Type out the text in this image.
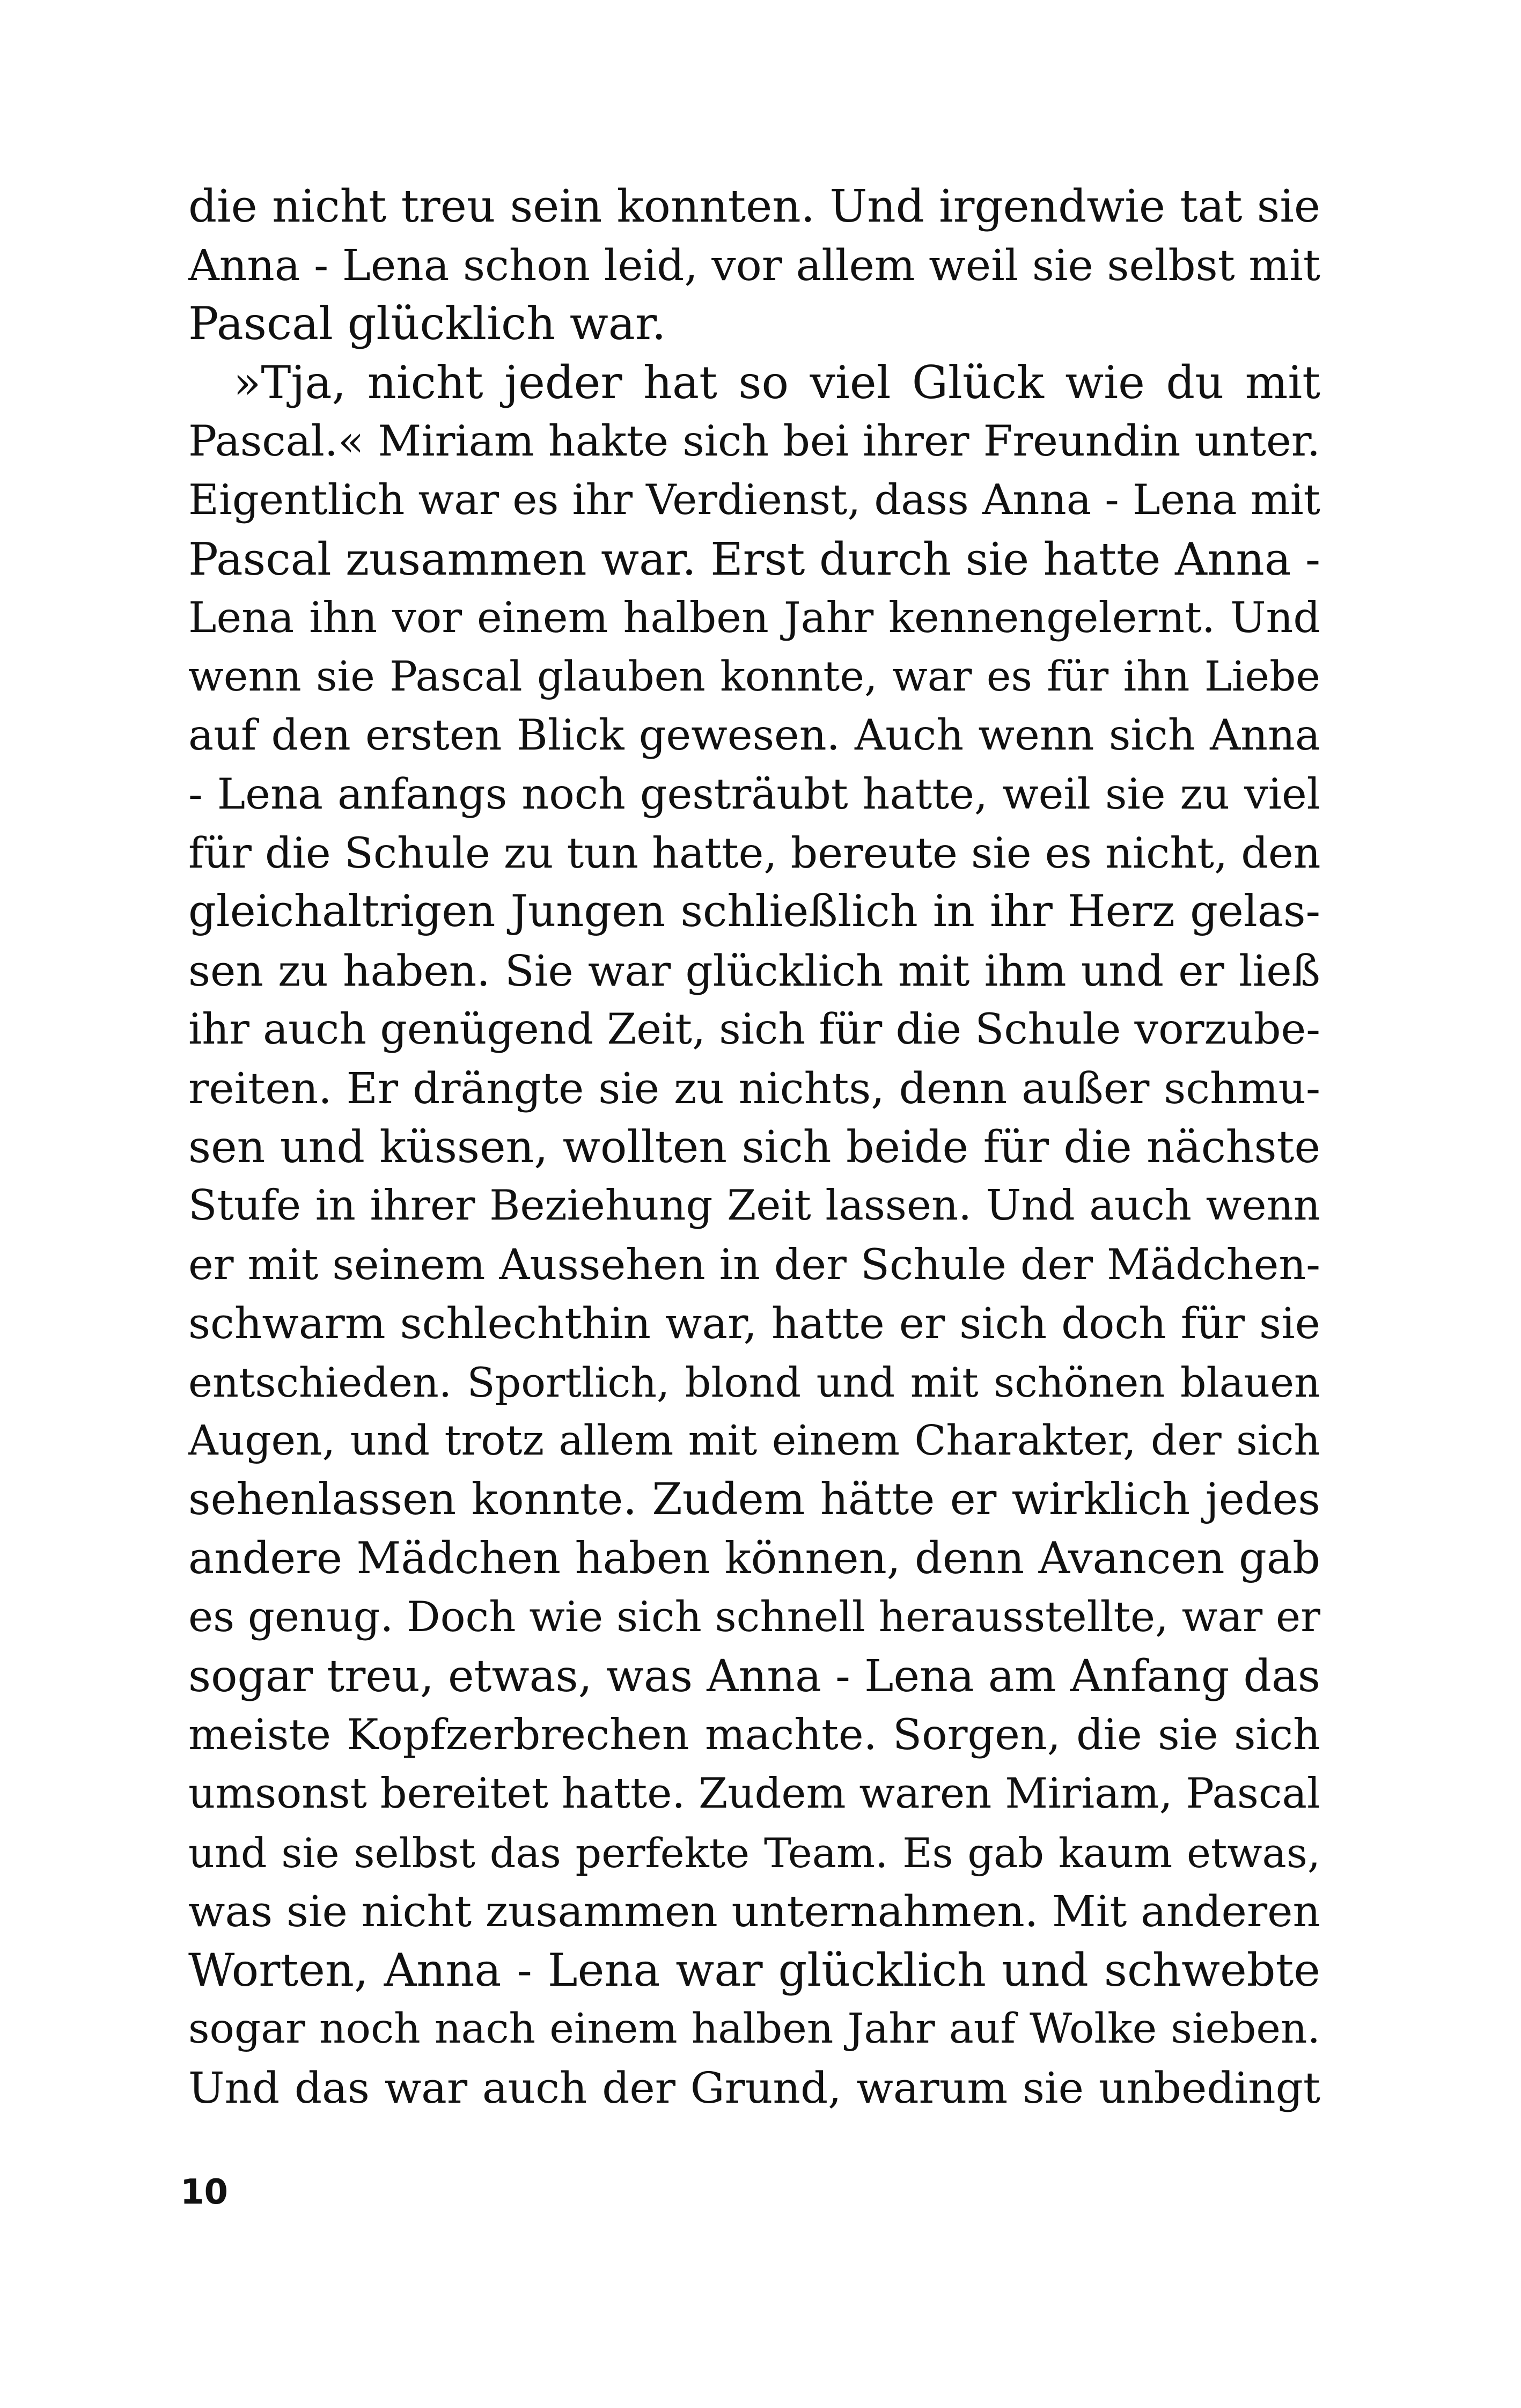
die nicht treu sein konnten. Und irgendwie tat sie
Anna - Lena schon leid, vor allem weil sie selbst mit
Pascal glücklich war.
»Tja, nicht jeder hat so viel Glück wie du mit
Pascal.« Miriam hakte sich bei ihrer Freundin unter.
Eigentlich war es ihr Verdienst, dass Anna - Lena mit
Pascal zusammen war. Erst durch sie hatte Anna -
Lena ihn vor einem halben Jahr kennengelernt. Und
wenn sie Pascal glauben konnte, war es für ihn Liebe
auf den ersten Blick gewesen. Auch wenn sich Anna
- Lena anfangs noch gesträubt hatte, weil sie zu viel
für die Schule zu tun hatte, bereute sie es nicht, den
gleichaltrigen Jungen schließlich in ihr Herz gelas-
sen zu haben. Sie war glücklich mit ihm und er ließ
ihr auch genügend Zeit, sich für die Schule vorzube-
reiten. Er drängte sie zu nichts, denn außer schmu-
sen und küssen, wollten sich beide für die nächste
Stufe in ihrer Beziehung Zeit lassen. Und auch wenn
er mit seinem Aussehen in der Schule der Mädchen-
schwarm schlechthin war, hatte er sich doch für sie
entschieden. Sportlich, blond und mit schönen blauen
Augen, und trotz allem mit einem Charakter, der sich
sehenlassen konnte. Zudem hätte er wirklich jedes
andere Mädchen haben können, denn Avancen gab
es genug. Doch wie sich schnell herausstellte, war er
sogar treu, etwas, was Anna - Lena am Anfang das
meiste Kopfzerbrechen machte. Sorgen, die sie sich
umsonst bereitet hatte. Zudem waren Miriam, Pascal
und sie selbst das perfekte Team. Es gab kaum etwas,
was sie nicht zusammen unternahmen. Mit anderen
Worten, Anna - Lena war glücklich und schwebte
sogar noch nach einem halben Jahr auf Wolke sieben.
Und das war auch der Grund, warum sie unbedingt
10
